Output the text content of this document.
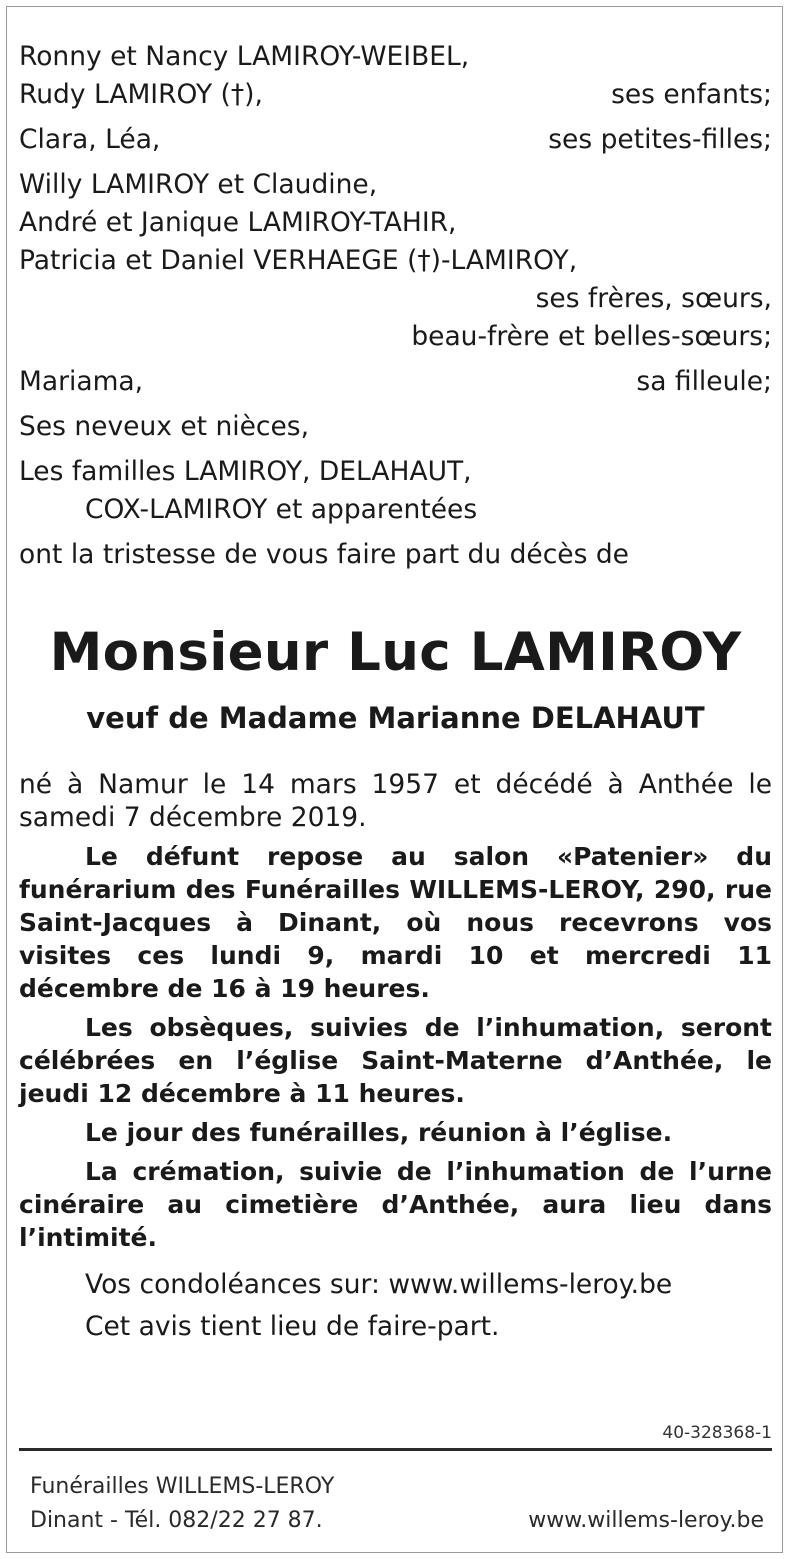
Ronny et Nancy LAMIROY-WEIBEL,
Rudy LAMIROY (†),	ses enfants;
Clara, Léa,	ses petites-filles;
Willy LAMIROY et Claudine,
André et Janique LAMIROY-TAHIR,
Patricia et Daniel VERHAEGE (†)-LAMIROY,
ses frères, sœurs,
beau-frère et belles-sœurs;
Mariama,	sa filleule;
Ses neveux et nièces,
Les familles LAMIROY, DELAHAUT,
COX-LAMIROY et apparentées
ont la tristesse de vous faire part du décès de
Monsieur Luc LAMIROY
veuf de Madame Marianne DELAHAUT
né à Namur le 14 mars 1957 et décédé à Anthée le samedi 7 décembre 2019.
Le défunt repose au salon «Patenier» du funérarium des Funérailles WILLEMS-LEROY, 290, rue Saint-Jacques à Dinant, où nous recevrons vos visites ces lundi 9, mardi 10 et mercredi 11 décembre de 16 à 19 heures.
Les obsèques, suivies de l’inhumation, seront célébrées en l’église Saint-Materne d’Anthée, le jeudi 12 décembre à 11 heures.
Le jour des funérailles, réunion à l’église.
La crémation, suivie de l’inhumation de l’urne cinéraire au cimetière d’Anthée, aura lieu dans l’intimité.
Vos condoléances sur: www.willems-leroy.be
Cet avis tient lieu de faire-part.
40-328368-1
Funérailles WILLEMS-LEROY
Dinant - Tél. 082/22 27 87.	www.willems-leroy.be
